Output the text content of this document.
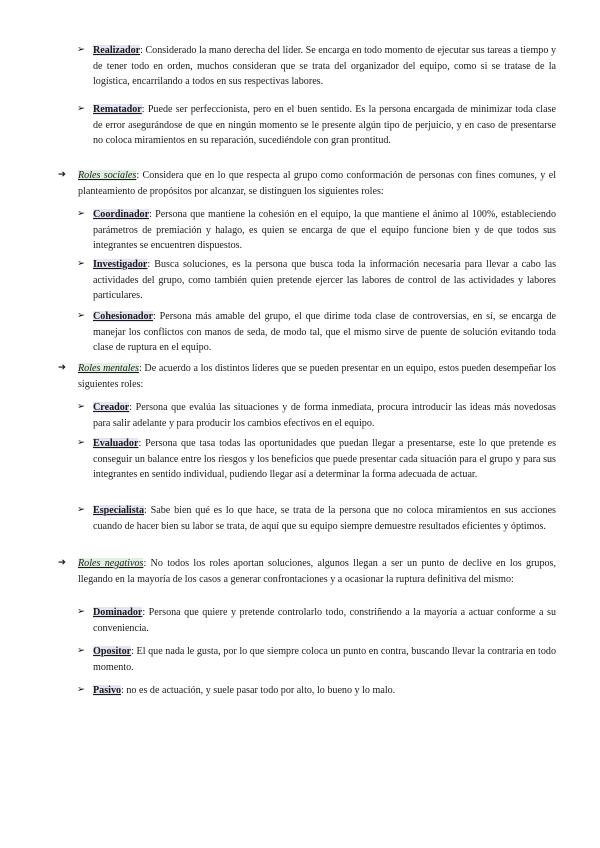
➢ Realizador: Considerado la mano derecha del líder. Se encarga en todo momento de ejecutar sus tareas a tiempo y de tener todo en orden, muchos consideran que se trata del organizador del equipo, como si se tratase de la logística, encarrilando a todos en sus respectivas labores.
➢ Rematador: Puede ser perfeccionista, pero en el buen sentido. Es la persona encargada de minimizar toda clase de error asegurándose de que en ningún momento se le presente algún tipo de perjuicio, y en caso de presentarse no coloca miramientos en su reparación, sucediéndole con gran prontitud.
➔	Roles sociales: Considera que en lo que respecta al grupo como conformación de personas con fines comunes, y el planteamiento de propósitos por alcanzar, se distinguen los siguientes roles:
➢ Coordinador: Persona que mantiene la cohesión en el equipo, la que mantiene el ánimo al 100%, estableciendo parámetros de premiación y halago, es quien se encarga de que el equipo funcione bien y de que todos sus integrantes se encuentren dispuestos.
➢ Investigador: Busca soluciones, es la persona que busca toda la información necesaria para llevar a cabo las actividades del grupo, como también quien pretende ejercer las labores de control de las actividades y labores particulares.
➢ Cohesionador: Persona más amable del grupo, el que dirime toda clase de controversias, en sí, se encarga de manejar los conflictos con manos de seda, de modo tal, que el mismo sirve de puente de solución evitando toda clase de ruptura en el equipo.
➔	Roles mentales: De acuerdo a los distintos líderes que se pueden presentar en un equipo, estos pueden desempeñar los siguientes roles:
➢ Creador: Persona que evalúa las situaciones y de forma inmediata, procura introducir las ideas más novedosas para salir adelante y para producir los cambios efectivos en el equipo.
➢ Evaluador: Persona que tasa todas las oportunidades que puedan llegar a presentarse, este lo que pretende es conseguir un balance entre los riesgos y los beneficios que puede presentar cada situación para el grupo y para sus integrantes en sentido individual, pudiendo llegar así a determinar la forma adecuada de actuar.
➢ Especialista: Sabe bien qué es lo que hace, se trata de la persona que no coloca miramientos en sus acciones cuando de hacer bien su labor se trata, de aquí que su equipo siempre demuestre resultados eficientes y óptimos.
➔	Roles negativos: No todos los roles aportan soluciones, algunos llegan a ser un punto de declive en los grupos, llegando en la mayoría de los casos a generar confrontaciones y a ocasionar la ruptura definitiva del mismo:
➢ Dominador: Persona que quiere y pretende controlarlo todo, constriñendo a la mayoría a actuar conforme a su conveniencia.
➢ Opositor: El que nada le gusta, por lo que siempre coloca un punto en contra, buscando llevar la contraria en todo momento.
➢ Pasivo: no es de actuación, y suele pasar todo por alto, lo bueno y lo malo.
